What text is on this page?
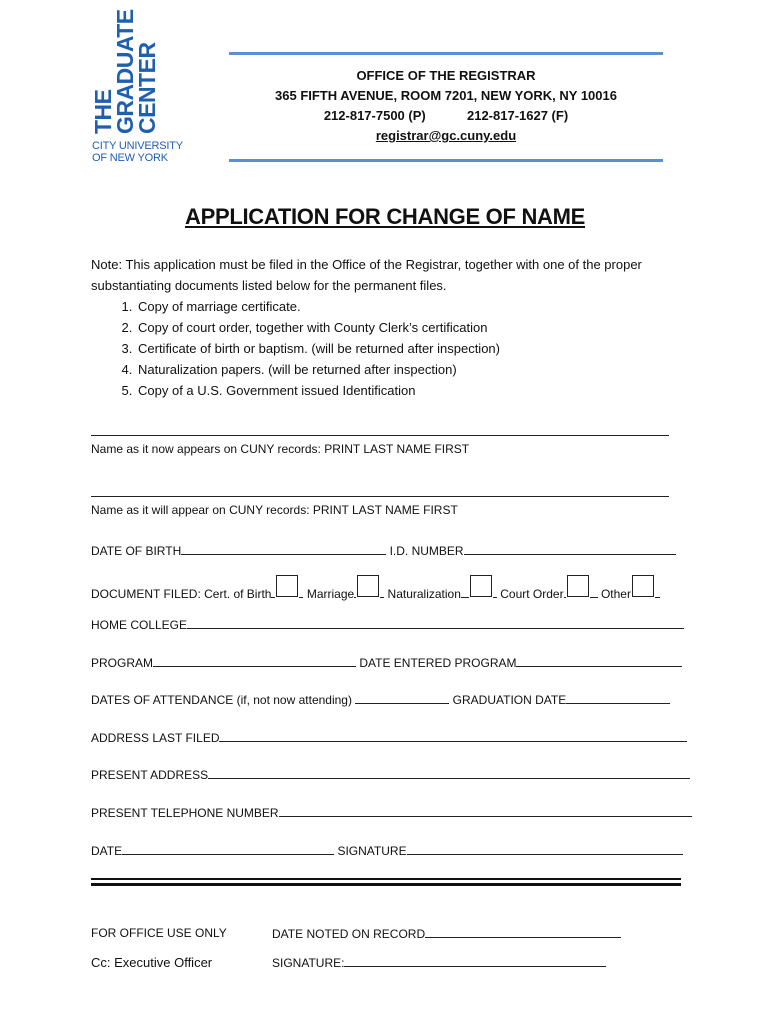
THE
GRADUATE
CENTER
CITY UNIVERSITY
OF NEW YORK
OFFICE OF THE REGISTRAR
365 FIFTH AVENUE, ROOM 7201, NEW YORK, NY 10016
212-817-7500 (P)	212-817-1627 (F)
registrar@gc.cuny.edu
APPLICATION FOR CHANGE OF NAME
Note: This application must be filed in the Office of the Registrar, together with one of the proper substantiating documents listed below for the permanent files.
1. Copy of marriage certificate.
2. Copy of court order, together with County Clerk’s certification
3. Certificate of birth or baptism. (will be returned after inspection)
4. Naturalization papers. (will be returned after inspection)
5. Copy of a U.S. Government issued Identification
Name as it now appears on CUNY records: PRINT LAST NAME FIRST
Name as it will appear on CUNY records: PRINT LAST NAME FIRST
DATE OF BIRTH	I.D. NUMBER
DOCUMENT FILED: Cert. of Birth	Marriage	Naturalization	Court Order	Other
HOME COLLEGE
PROGRAM	DATE ENTERED PROGRAM
DATES OF ATTENDANCE (if, not now attending)	GRADUATION DATE
ADDRESS LAST FILED
PRESENT ADDRESS
PRESENT TELEPHONE NUMBER
DATE	SIGNATURE
FOR OFFICE USE ONLY	DATE NOTED ON RECORD
Cc: Executive Officer	SIGNATURE:
